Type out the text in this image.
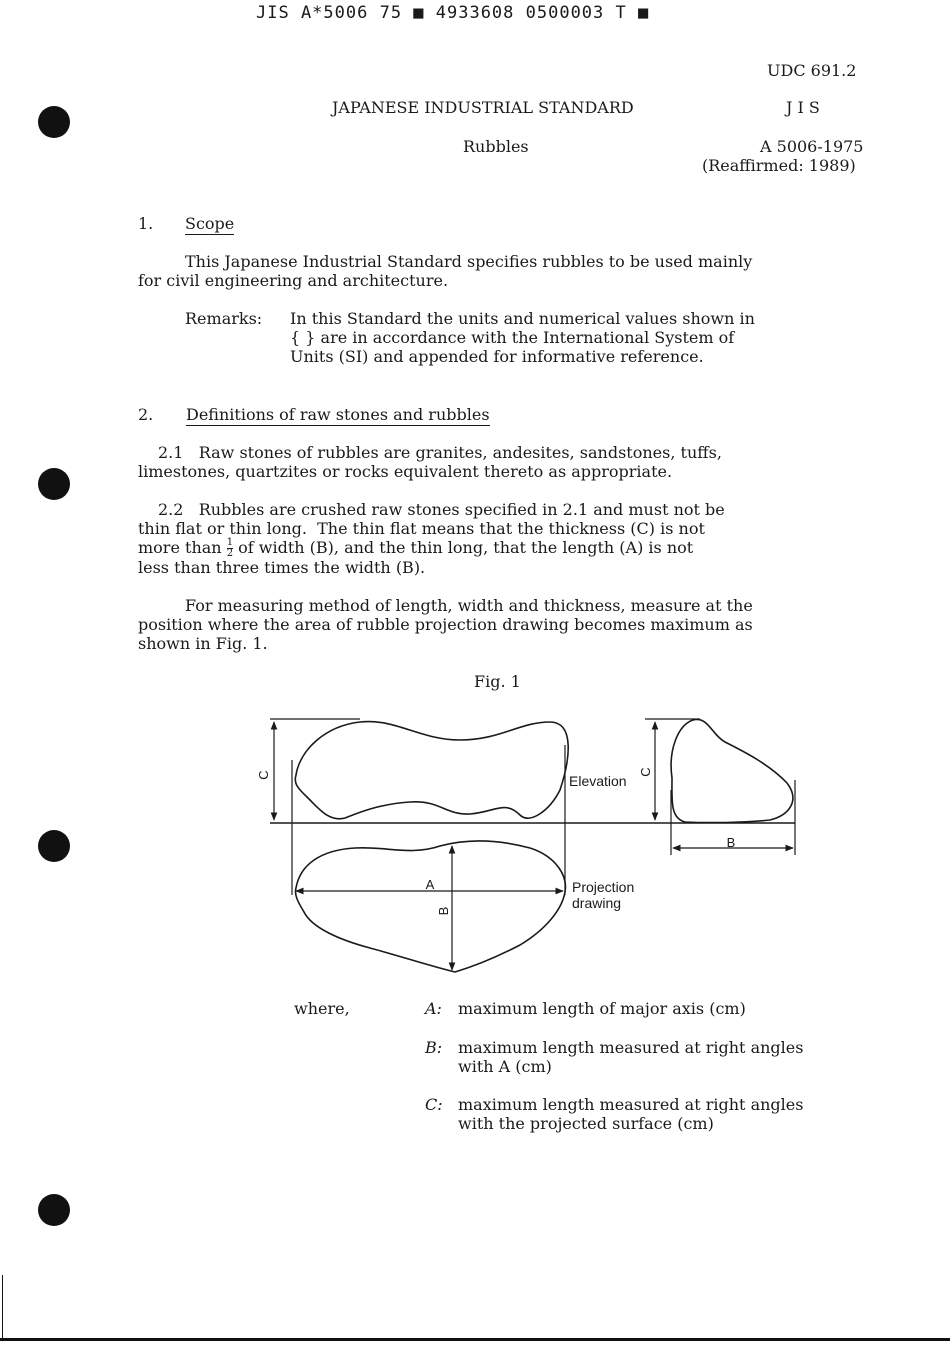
JIS A*5006 75 ■ 4933608 0500003 T ■
UDC 691.2
JAPANESE INDUSTRIAL STANDARD	J I S
Rubbles	A 5006-1975
(Reaffirmed: 1989)
1. Scope
This Japanese Industrial Standard specifies rubbles to be used mainly
for civil engineering and architecture.
Remarks: In this Standard the units and numerical values shown in
{ } are in accordance with the International System of
Units (SI) and appended for informative reference.
2. Definitions of raw stones and rubbles
2.1   Raw stones of rubbles are granites, andesites, sandstones, tuffs,
limestones, quartzites or rocks equivalent thereto as appropriate.
2.2   Rubbles are crushed raw stones specified in 2.1 and must not be
thin flat or thin long.  The thin flat means that the thickness (C) is not
more than $\frac{1}{2}$ of width (B), and the thin long, that the length (A) is not
less than three times the width (B).
For measuring method of length, width and thickness, measure at the
position where the area of rubble projection drawing becomes maximum as
shown in Fig. 1.
Fig. 1
C	C
B
A
B
Elevation
Projection
drawing
where,	A: maximum length of major axis (cm)
B: maximum length measured at right angles
with A (cm)
C: maximum length measured at right angles
with the projected surface (cm)
